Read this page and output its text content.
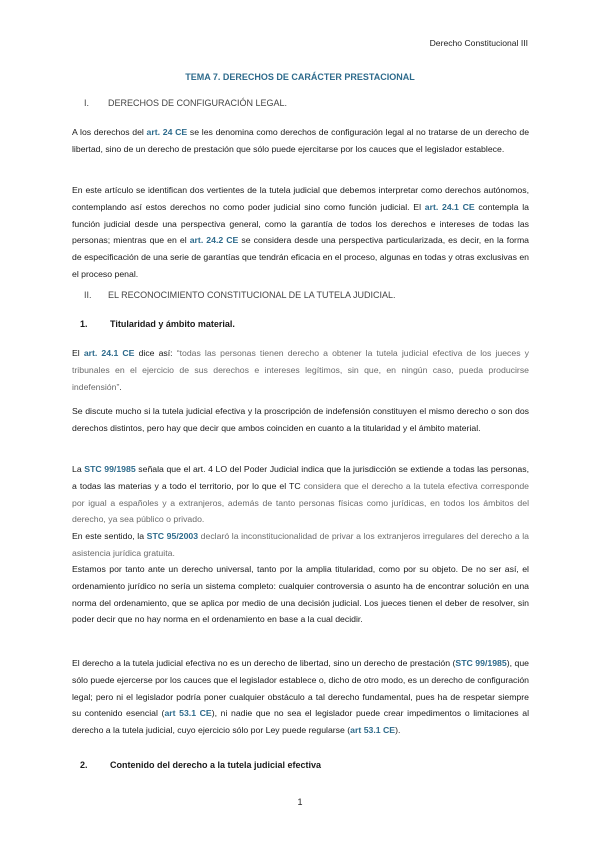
Derecho Constitucional III
TEMA 7. DERECHOS DE CARÁCTER PRESTACIONAL
I. DERECHOS DE CONFIGURACIÓN LEGAL.
A los derechos del art. 24 CE se les denomina como derechos de configuración legal al no tratarse de un derecho de libertad, sino de un derecho de prestación que sólo puede ejercitarse por los cauces que el legislador establece.
En este artículo se identifican dos vertientes de la tutela judicial que debemos interpretar como derechos autónomos, contemplando así estos derechos no como poder judicial sino como función judicial. El art. 24.1 CE contempla la función judicial desde una perspectiva general, como la garantía de todos los derechos e intereses de todas las personas; mientras que en el art. 24.2 CE se considera desde una perspectiva particularizada, es decir, en la forma de especificación de una serie de garantías que tendrán eficacia en el proceso, algunas en todas y otras exclusivas en el proceso penal.
II. EL RECONOCIMIENTO CONSTITUCIONAL DE LA TUTELA JUDICIAL.
1. Titularidad y ámbito material.
El art. 24.1 CE dice así: “todas las personas tienen derecho a obtener la tutela judicial efectiva de los jueces y tribunales en el ejercicio de sus derechos e intereses legítimos, sin que, en ningún caso, pueda producirse indefensión”.
Se discute mucho si la tutela judicial efectiva y la proscripción de indefensión constituyen el mismo derecho o son dos derechos distintos, pero hay que decir que ambos coinciden en cuanto a la titularidad y el ámbito material.
La STC 99/1985 señala que el art. 4 LO del Poder Judicial indica que la jurisdicción se extiende a todas las personas, a todas las materias y a todo el territorio, por lo que el TC considera que el derecho a la tutela efectiva corresponde por igual a españoles y a extranjeros, además de tanto personas físicas como jurídicas, en todos los ámbitos del derecho, ya sea público o privado.
En este sentido, la STC 95/2003 declaró la inconstitucionalidad de privar a los extranjeros irregulares del derecho a la asistencia jurídica gratuita.
Estamos por tanto ante un derecho universal, tanto por la amplia titularidad, como por su objeto. De no ser así, el ordenamiento jurídico no sería un sistema completo: cualquier controversia o asunto ha de encontrar solución en una norma del ordenamiento, que se aplica por medio de una decisión judicial. Los jueces tienen el deber de resolver, sin poder decir que no hay norma en el ordenamiento en base a la cual decidir.
El derecho a la tutela judicial efectiva no es un derecho de libertad, sino un derecho de prestación (STC 99/1985), que sólo puede ejercerse por los cauces que el legislador establece o, dicho de otro modo, es un derecho de configuración legal; pero ni el legislador podría poner cualquier obstáculo a tal derecho fundamental, pues ha de respetar siempre su contenido esencial (art 53.1 CE), ni nadie que no sea el legislador puede crear impedimentos o limitaciones al derecho a la tutela judicial, cuyo ejercicio sólo por Ley puede regularse (art 53.1 CE).
2. Contenido del derecho a la tutela judicial efectiva
1
